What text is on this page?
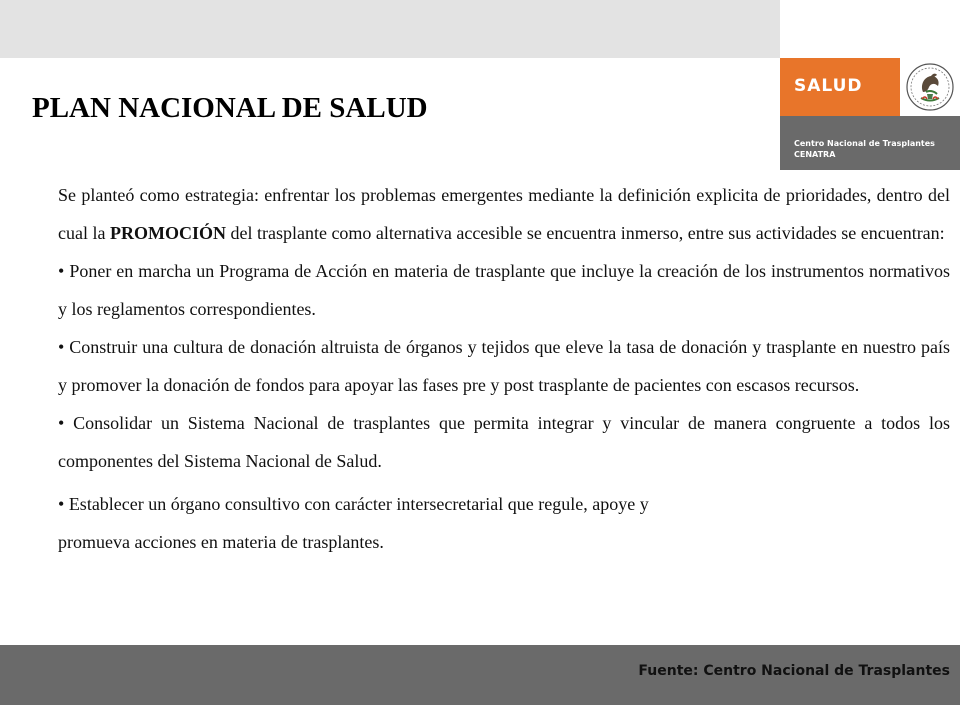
SALUD
Centro Nacional de Trasplantes
CENATRA
PLAN NACIONAL DE SALUD

Se planteó como estrategia: enfrentar los problemas emergentes mediante la definición explicita de prioridades, dentro del cual la PROMOCIÓN del trasplante como alternativa accesible se encuentra inmerso, entre sus actividades se encuentran:

• Poner en marcha un Programa de Acción en materia de trasplante que incluye la creación de los instrumentos normativos y los reglamentos correspondientes.

• Construir una cultura de donación altruista de órganos y tejidos que eleve la tasa de donación y trasplante en nuestro país y promover la donación de fondos para apoyar las fases pre y post trasplante de pacientes con escasos recursos.

• Consolidar un Sistema Nacional de trasplantes que permita integrar y vincular de manera congruente a todos los componentes del Sistema Nacional de Salud.

• Establecer un órgano consultivo con carácter intersecretarial que regule, apoye y
promueva acciones en materia de trasplantes.

Fuente: Centro Nacional de Trasplantes
